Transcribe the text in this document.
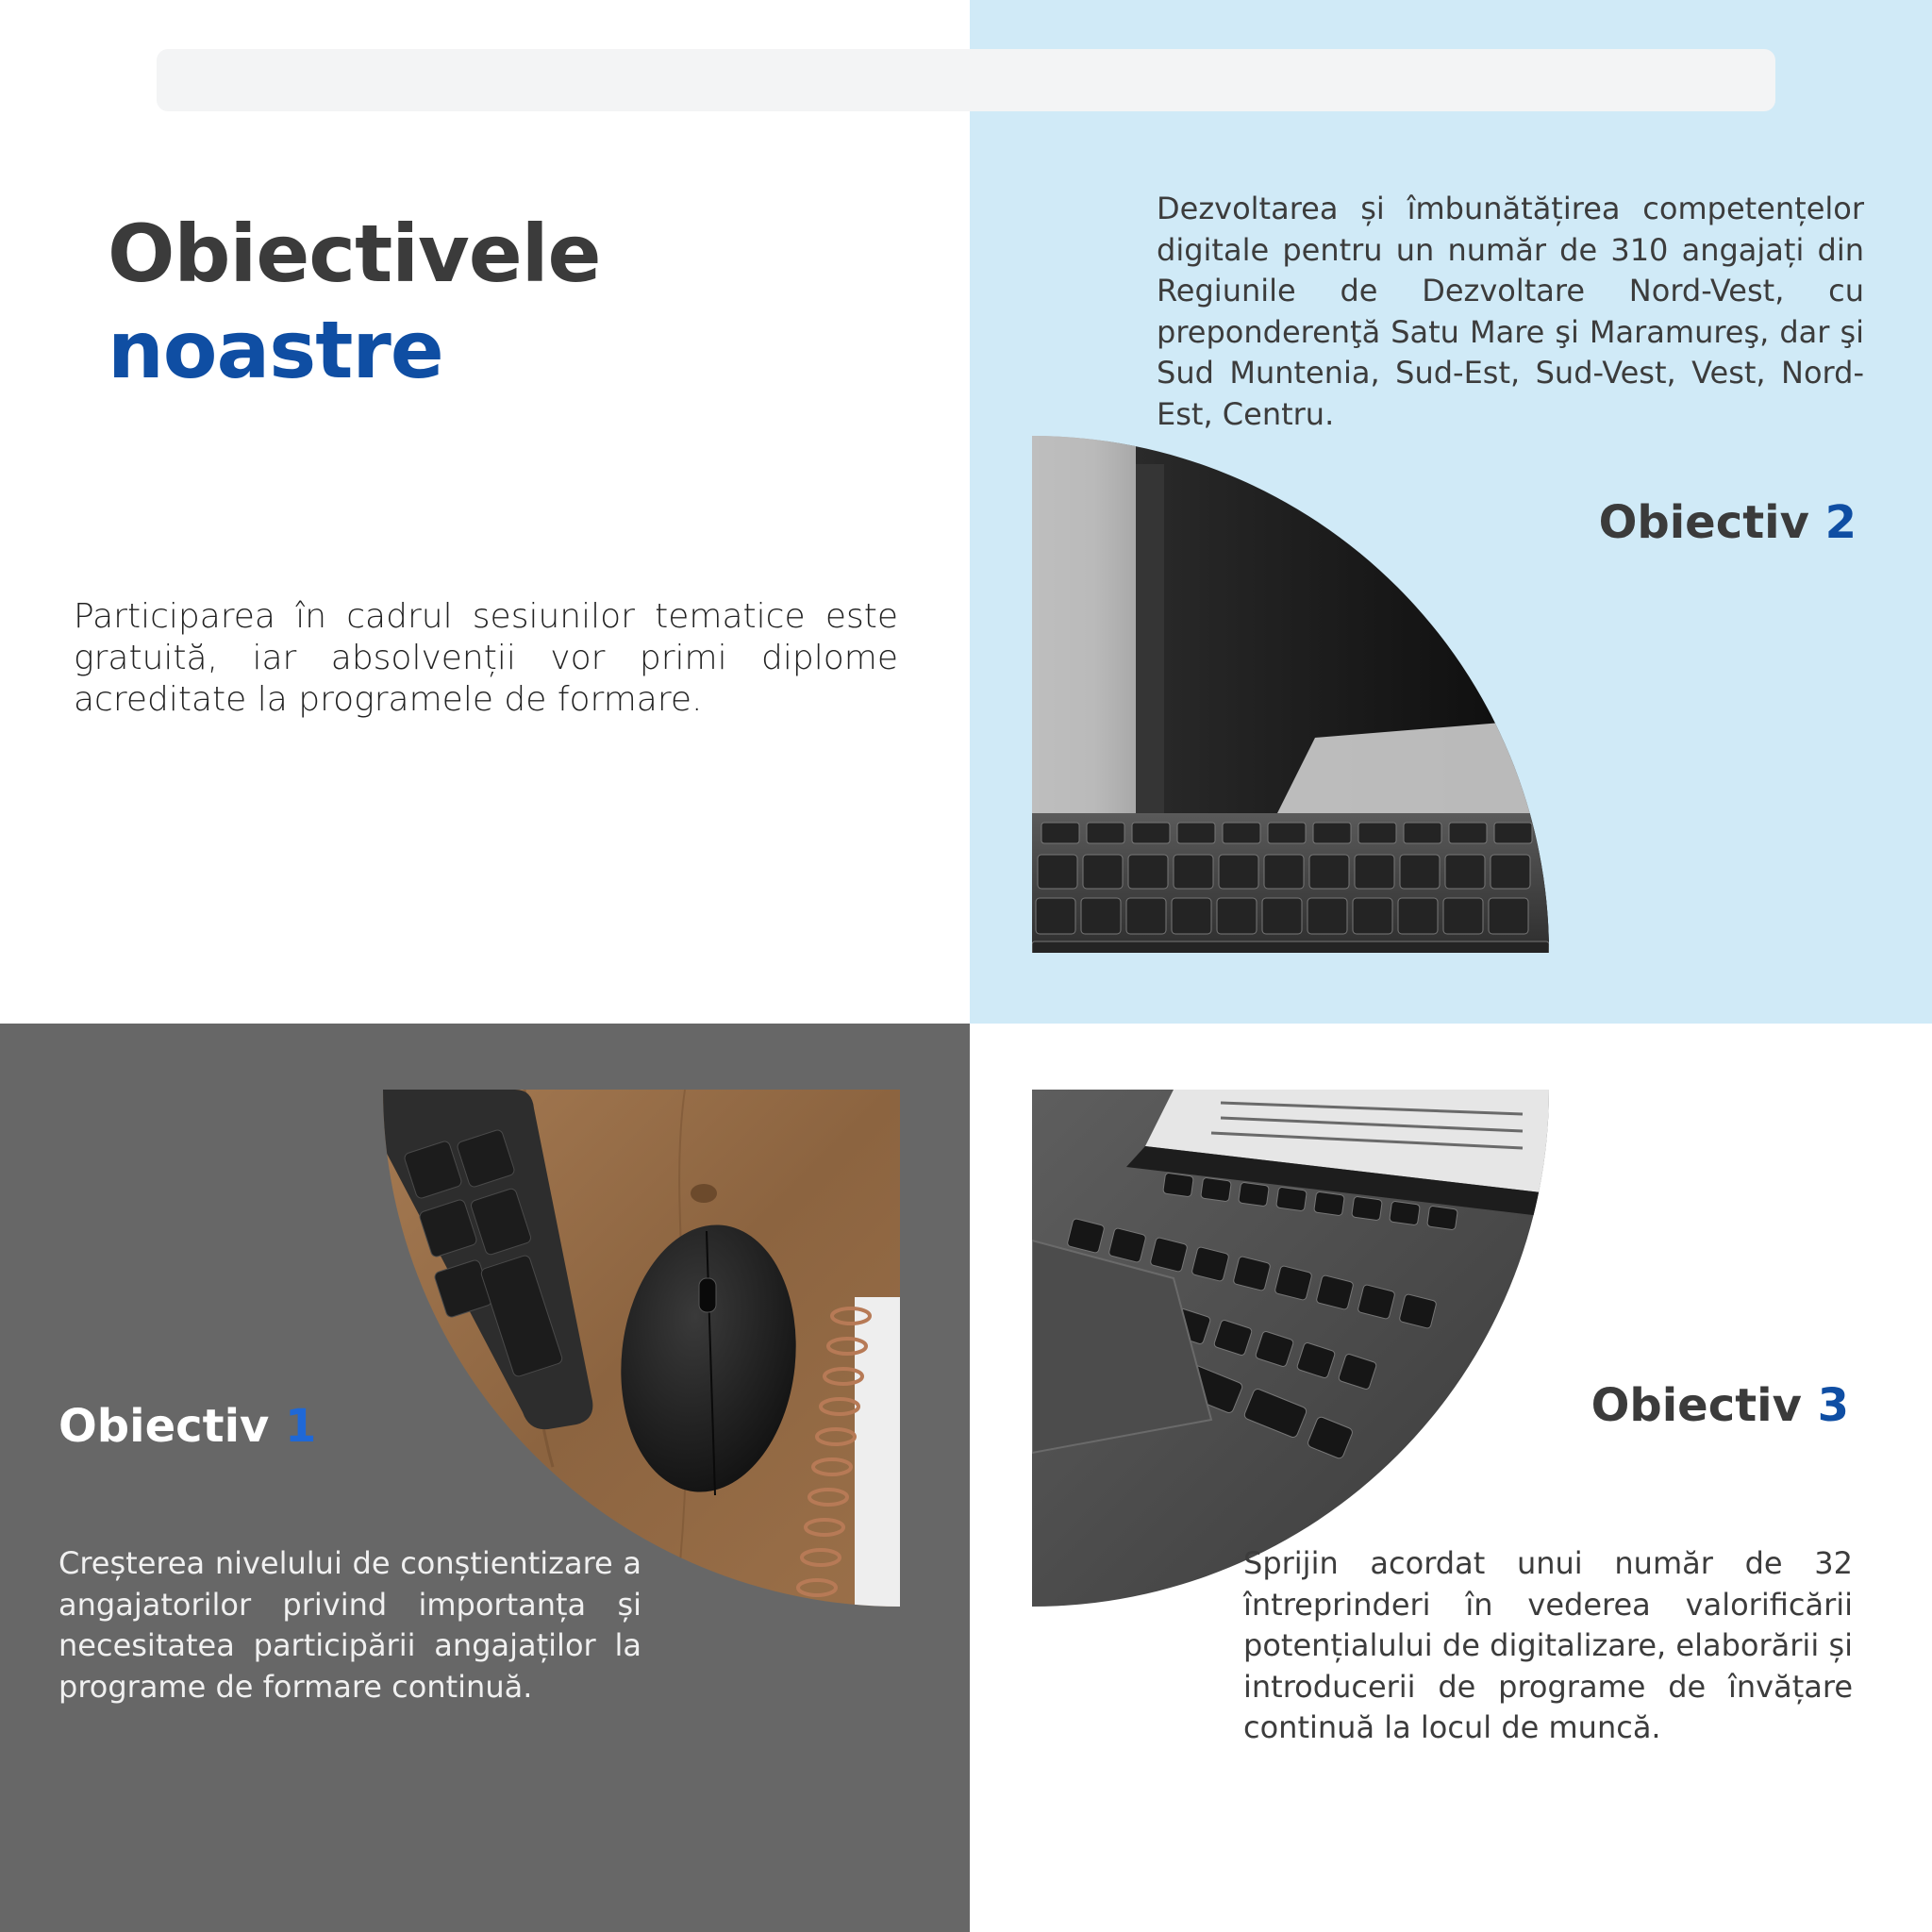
Obiectivele
noastre

Participarea în cadrul sesiunilor tematice este gratuită, iar absolvenții vor primi diplome acreditate la programele de formare.

Dezvoltarea și îmbunătățirea competențelor digitale pentru un număr de 310 angajați din Regiunile de Dezvoltare Nord-Vest, cu preponderenţă Satu Mare şi Maramureş, dar şi Sud Muntenia, Sud-Est, Sud-Vest, Vest, Nord-Est, Centru.

Obiectiv 2
Obiectiv 1

Creșterea nivelului de conștientizare a angajatorilor privind importanța și necesitatea participării angajaților la programe de formare continuă.

Obiectiv 3

Sprijin acordat unui număr de 32 întreprinderi în vederea valorificării potențialului de digitalizare, elaborării și introducerii de programe de învățare continuă la locul de muncă.
